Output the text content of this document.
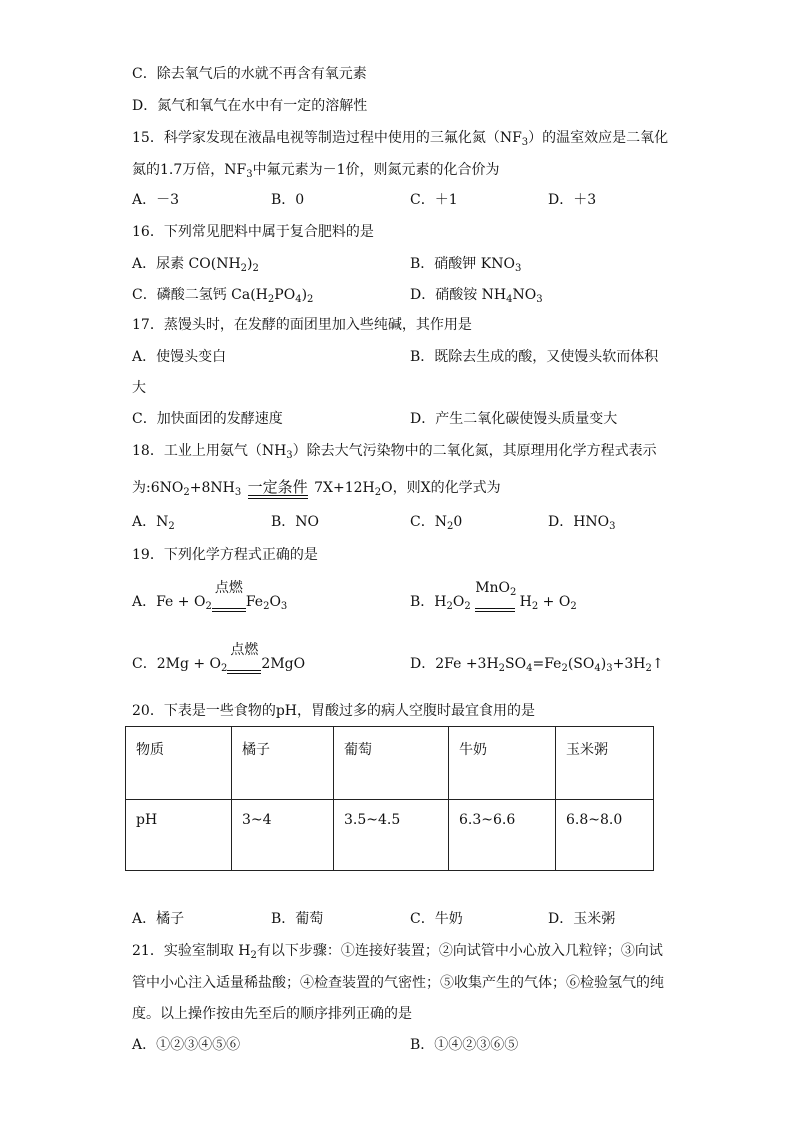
C．除去氧气后的水就不再含有氧元素
D．氮气和氧气在水中有一定的溶解性
15．科学家发现在液晶电视等制造过程中使用的三氟化氮$(NF_3)$的温室效应是二氧化
氮的1.7万倍，$NF_3$中氟元素为－1价，则氮元素的化合价为
A．－3	B．0	C．＋1	D．＋3
16．下列常见肥料中属于复合肥料的是
A．尿素 $CO(NH_2)_2$	B．硝酸钾 $KNO_3$
C．磷酸二氢钙 $Ca(H_2PO_4)_2$	D．硝酸铵 $NH_4NO_3$
17．蒸馒头时，在发酵的面团里加入些纯碱，其作用是
A．使馒头变白	B．既除去生成的酸，又使馒头软而体积
大
C．加快面团的发酵速度	D．产生二氧化碳使馒头质量变大
18．工业上用氨气$(NH_3)$除去大气污染物中的二氧化氮，其原理用化学方程式表示
为$:6NO_2+8NH_3$ 一定条件 $7X+12H_2O$，则X的化学式为
A．$N_2$	B．NO	C．$N_20$	D．$HNO_3$
19．下列化学方程式正确的是
A．$Fe + O_2$
点燃
$Fe_2O_3$	B．$H_2O_2$
MnO$_2$
$H_2 + O_2$
C．$2Mg + O_2$
点燃
2MgO	D．$2Fe +3H_2SO_4=Fe_2(SO_4)_3+3H_2↑$
20．下表是一些食物的pH，胃酸过多的病人空腹时最宜食用的是
物质	橘子	葡萄	牛奶	玉米粥
pH	3~4	3.5~4.5	6.3~6.6	6.8~8.0
A．橘子	B．葡萄	C．牛奶	D．玉米粥
21．实验室制取 $H_2$有以下步骤：①连接好装置；②向试管中小心放入几粒锌；③向试
管中小心注入适量稀盐酸；④检查装置的气密性；⑤收集产生的气体；⑥检验氢气的纯
度。以上操作按由先至后的顺序排列正确的是
A．①②③④⑤⑥	B．①④②③⑥⑤
